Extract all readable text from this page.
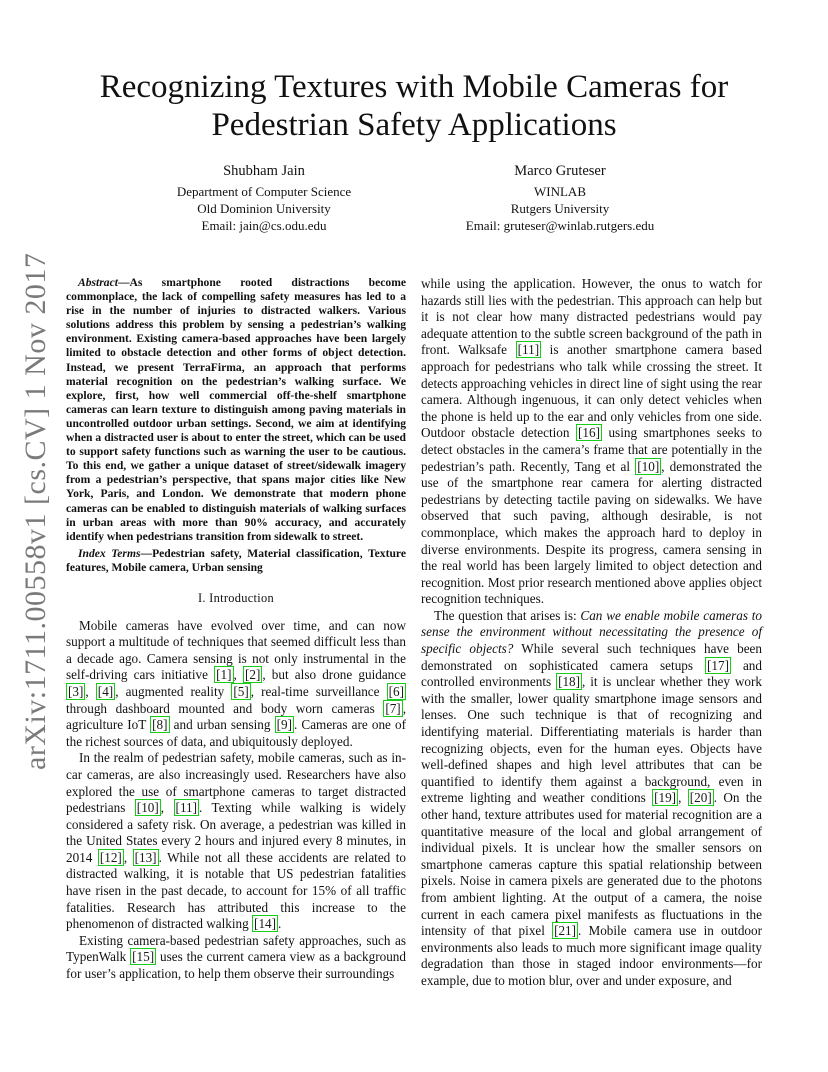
arXiv:1711.00558v1 [cs.CV] 1 Nov 2017
Recognizing Textures with Mobile Cameras for
Pedestrian Safety Applications
Shubham Jain
Department of Computer Science
Old Dominion University
Email: jain@cs.odu.edu
Marco Gruteser
WINLAB
Rutgers University
Email: gruteser@winlab.rutgers.edu

Abstract—As smartphone rooted distractions become commonplace, the lack of compelling safety measures has led to a rise in the number of injuries to distracted walkers. Various solutions address this problem by sensing a pedestrian’s walking environment. Existing camera-based approaches have been largely limited to obstacle detection and other forms of object detection. Instead, we present TerraFirma, an approach that performs material recognition on the pedestrian’s walking surface. We explore, first, how well commercial off-the-shelf smartphone cameras can learn texture to distinguish among paving materials in uncontrolled outdoor urban settings. Second, we aim at identifying when a distracted user is about to enter the street, which can be used to support safety functions such as warning the user to be cautious. To this end, we gather a unique dataset of street/sidewalk imagery from a pedestrian’s perspective, that spans major cities like New York, Paris, and London. We demonstrate that modern phone cameras can be enabled to distinguish materials of walking surfaces in urban areas with more than 90% accuracy, and accurately identify when pedestrians transition from sidewalk to street.

Index Terms—Pedestrian safety, Material classification, Texture features, Mobile camera, Urban sensing

I. Introduction

Mobile cameras have evolved over time, and can now support a multitude of techniques that seemed difficult less than a decade ago. Camera sensing is not only instrumental in the self-driving cars initiative [1] , [2] , but also drone guidance [3] , [4] , augmented reality [5] , real-time surveillance [6] through dashboard mounted and body worn cameras [7] , agriculture IoT [8] and urban sensing [9] . Cameras are one of the richest sources of data, and ubiquitously deployed.

In the realm of pedestrian safety, mobile cameras, such as in-car cameras, are also increasingly used. Researchers have also explored the use of smartphone cameras to target distracted pedestrians [10] , [11] . Texting while walking is widely considered a safety risk. On average, a pedestrian was killed in the United States every 2 hours and injured every 8 minutes, in 2014 [12] , [13] . While not all these accidents are related to distracted walking, it is notable that US pedestrian fatalities have risen in the past decade, to account for 15% of all traffic fatalities. Research has attributed this increase to the phenomenon of distracted walking [14] .

Existing camera-based pedestrian safety approaches, such as TypenWalk [15] uses the current camera view as a background for user’s application, to help them observe their surroundings

while using the application. However, the onus to watch for hazards still lies with the pedestrian. This approach can help but it is not clear how many distracted pedestrians would pay adequate attention to the subtle screen background of the path in front. Walksafe [11] is another smartphone camera based approach for pedestrians who talk while crossing the street. It detects approaching vehicles in direct line of sight using the rear camera. Although ingenuous, it can only detect vehicles when the phone is held up to the ear and only vehicles from one side. Outdoor obstacle detection [16] using smartphones seeks to detect obstacles in the camera’s frame that are potentially in the pedestrian’s path. Recently, Tang et al [10] , demonstrated the use of the smartphone rear camera for alerting distracted pedestrians by detecting tactile paving on sidewalks. We have observed that such paving, although desirable, is not commonplace, which makes the approach hard to deploy in diverse environments. Despite its progress, camera sensing in the real world has been largely limited to object detection and recognition. Most prior research mentioned above applies object recognition techniques.

The question that arises is: Can we enable mobile cameras to sense the environment without necessitating the presence of specific objects? While several such techniques have been demonstrated on sophisticated camera setups [17] and controlled environments [18] , it is unclear whether they work with the smaller, lower quality smartphone image sensors and lenses. One such technique is that of recognizing and identifying material. Differentiating materials is harder than recognizing objects, even for the human eyes. Objects have well-defined shapes and high level attributes that can be quantified to identify them against a background, even in extreme lighting and weather conditions [19] , [20] . On the other hand, texture attributes used for material recognition are a quantitative measure of the local and global arrangement of individual pixels. It is unclear how the smaller sensors on smartphone cameras capture this spatial relationship between pixels. Noise in camera pixels are generated due to the photons from ambient lighting. At the output of a camera, the noise current in each camera pixel manifests as fluctuations in the intensity of that pixel [21] . Mobile camera use in outdoor environments also leads to much more significant image quality degradation than those in staged indoor environments—for example, due to motion blur, over and under exposure, and
